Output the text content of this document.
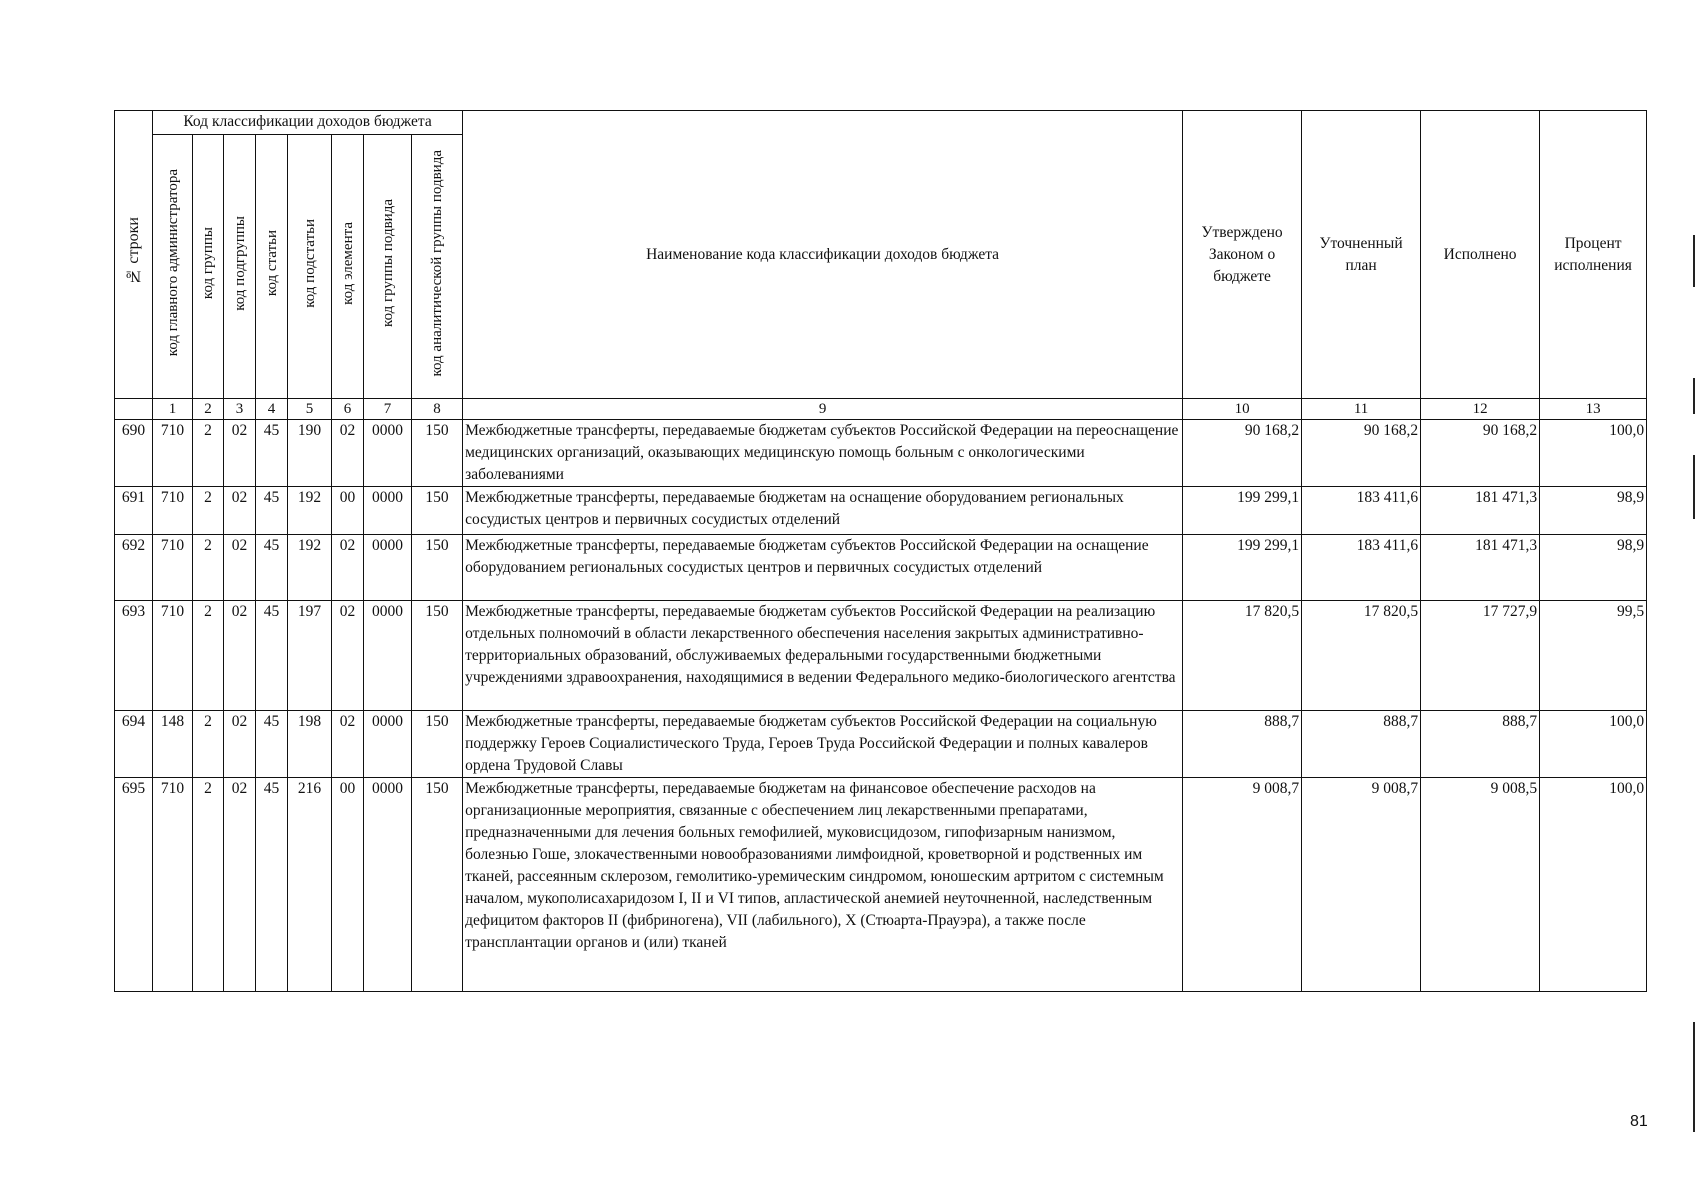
№ строки	Код классификации доходов бюджета								Наименование кода классификации доходов бюджета	Утверждено Законом о бюджете	Уточненный план	Исполнено	Процент исполнения
	код главного администратора	код группы	код подгруппы	код статьи	код подстатьи	код элемента	код группы подвида	код аналитической группы подвида					
	1	2	3	4	5	6	7	8	9	10	11	12	13
690	710	2	02	45	190	02	0000	150	Межбюджетные трансферты, передаваемые бюджетам субъектов Российской Федерации на переоснащение медицинских организаций, оказывающих медицинскую помощь больным с онкологическими заболеваниями	90 168,2	90 168,2	90 168,2	100,0
691	710	2	02	45	192	00	0000	150	Межбюджетные трансферты, передаваемые бюджетам на оснащение оборудованием региональных сосудистых центров и первичных сосудистых отделений	199 299,1	183 411,6	181 471,3	98,9
692	710	2	02	45	192	02	0000	150	Межбюджетные трансферты, передаваемые бюджетам субъектов Российской Федерации на оснащение оборудованием региональных сосудистых центров и первичных сосудистых отделений	199 299,1	183 411,6	181 471,3	98,9
693	710	2	02	45	197	02	0000	150	Межбюджетные трансферты, передаваемые бюджетам субъектов Российской Федерации на реализацию отдельных полномочий в области лекарственного обеспечения населения закрытых административно-территориальных образований, обслуживаемых федеральными государственными бюджетными учреждениями здравоохранения, находящимися в ведении Федерального медико-биологического агентства	17 820,5	17 820,5	17 727,9	99,5
694	148	2	02	45	198	02	0000	150	Межбюджетные трансферты, передаваемые бюджетам субъектов Российской Федерации на социальную поддержку Героев Социалистического Труда, Героев Труда Российской Федерации и полных кавалеров ордена Трудовой Славы	888,7	888,7	888,7	100,0
695	710	2	02	45	216	00	0000	150	Межбюджетные трансферты, передаваемые бюджетам на финансовое обеспечение расходов на организационные мероприятия, связанные с обеспечением лиц лекарственными препаратами, предназначенными для лечения больных гемофилией, муковисцидозом, гипофизарным нанизмом, болезнью Гоше, злокачественными новообразованиями лимфоидной, кроветворной и родственных им тканей, рассеянным склерозом, гемолитико-уремическим синдромом, юношеским артритом с системным началом, мукополисахаридозом I, II и VI типов, апластической анемией неуточненной, наследственным дефицитом факторов II (фибриногена), VII (лабильного), X (Стюарта-Прауэра), а также после трансплантации органов и (или) тканей	9 008,7	9 008,7	9 008,5	100,0
81
